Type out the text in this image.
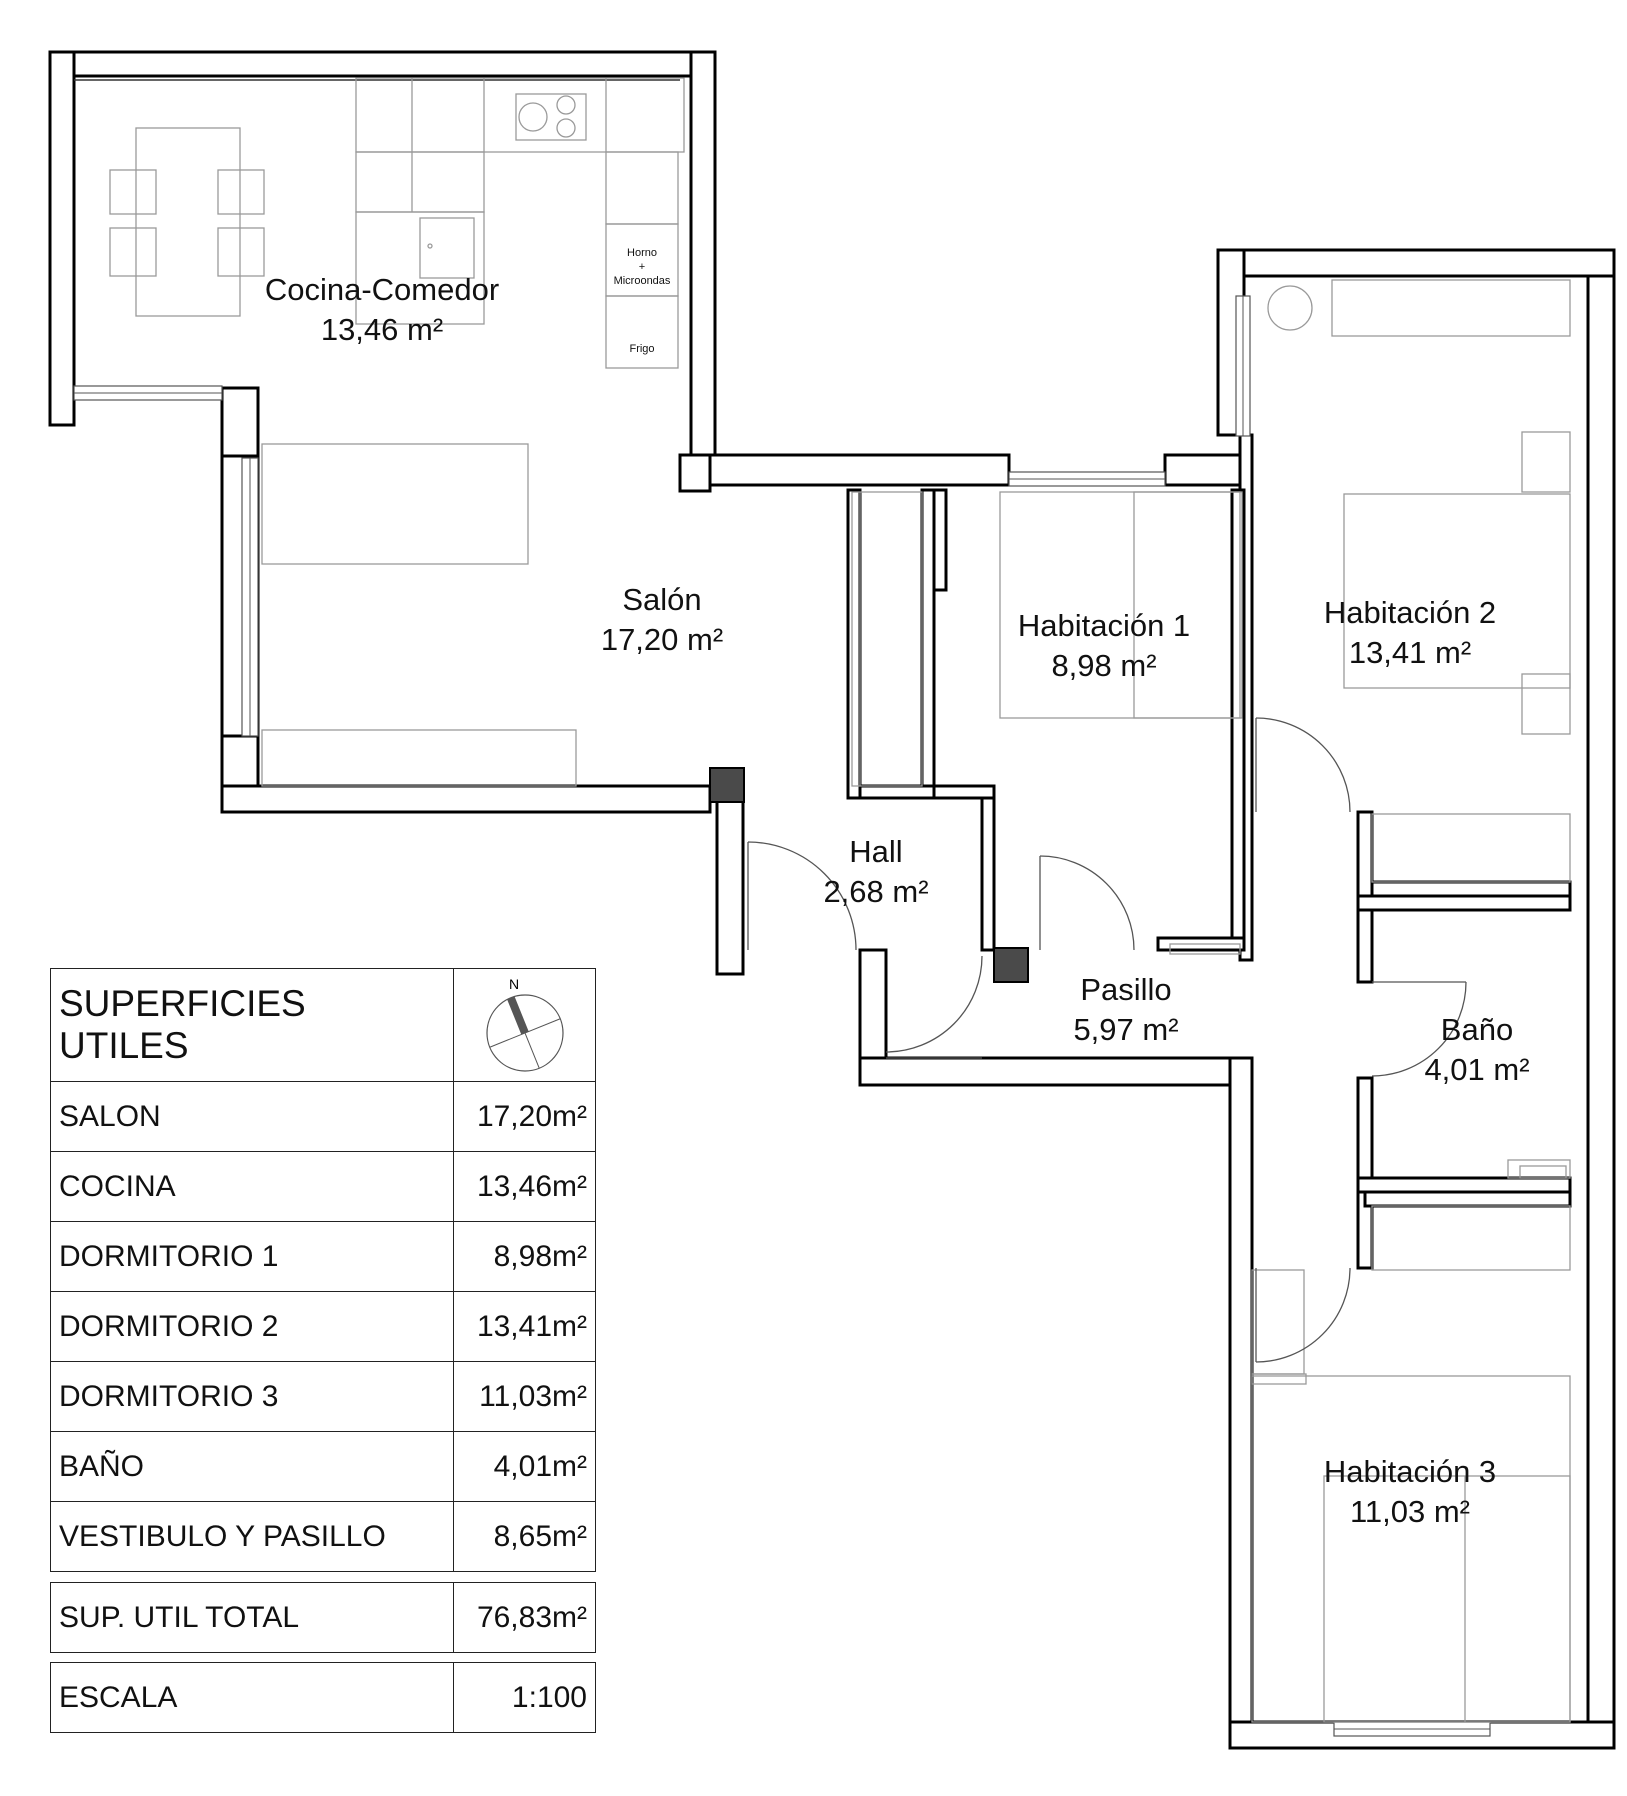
Cocina-Comedor
13,46 m²
Salón
17,20 m²	Habitación 1
8,98 m²
Habitación 2
13,41 m²
Hall
2,68 m²
Pasillo
5,97 m²	Baño
4,01 m²
Habitación 3
11,03 m²
Horno
+
Microondas
Frigo
SUPERFICIES UTILES	N

SALON	17,20m²
COCINA	13,46m²
DORMITORIO 1	8,98m²
DORMITORIO 2	13,41m²
DORMITORIO 3	11,03m²
BAÑO	4,01m²
VESTIBULO Y PASILLO	8,65m²
SUP. UTIL TOTAL	76,83m²
ESCALA	1:100
